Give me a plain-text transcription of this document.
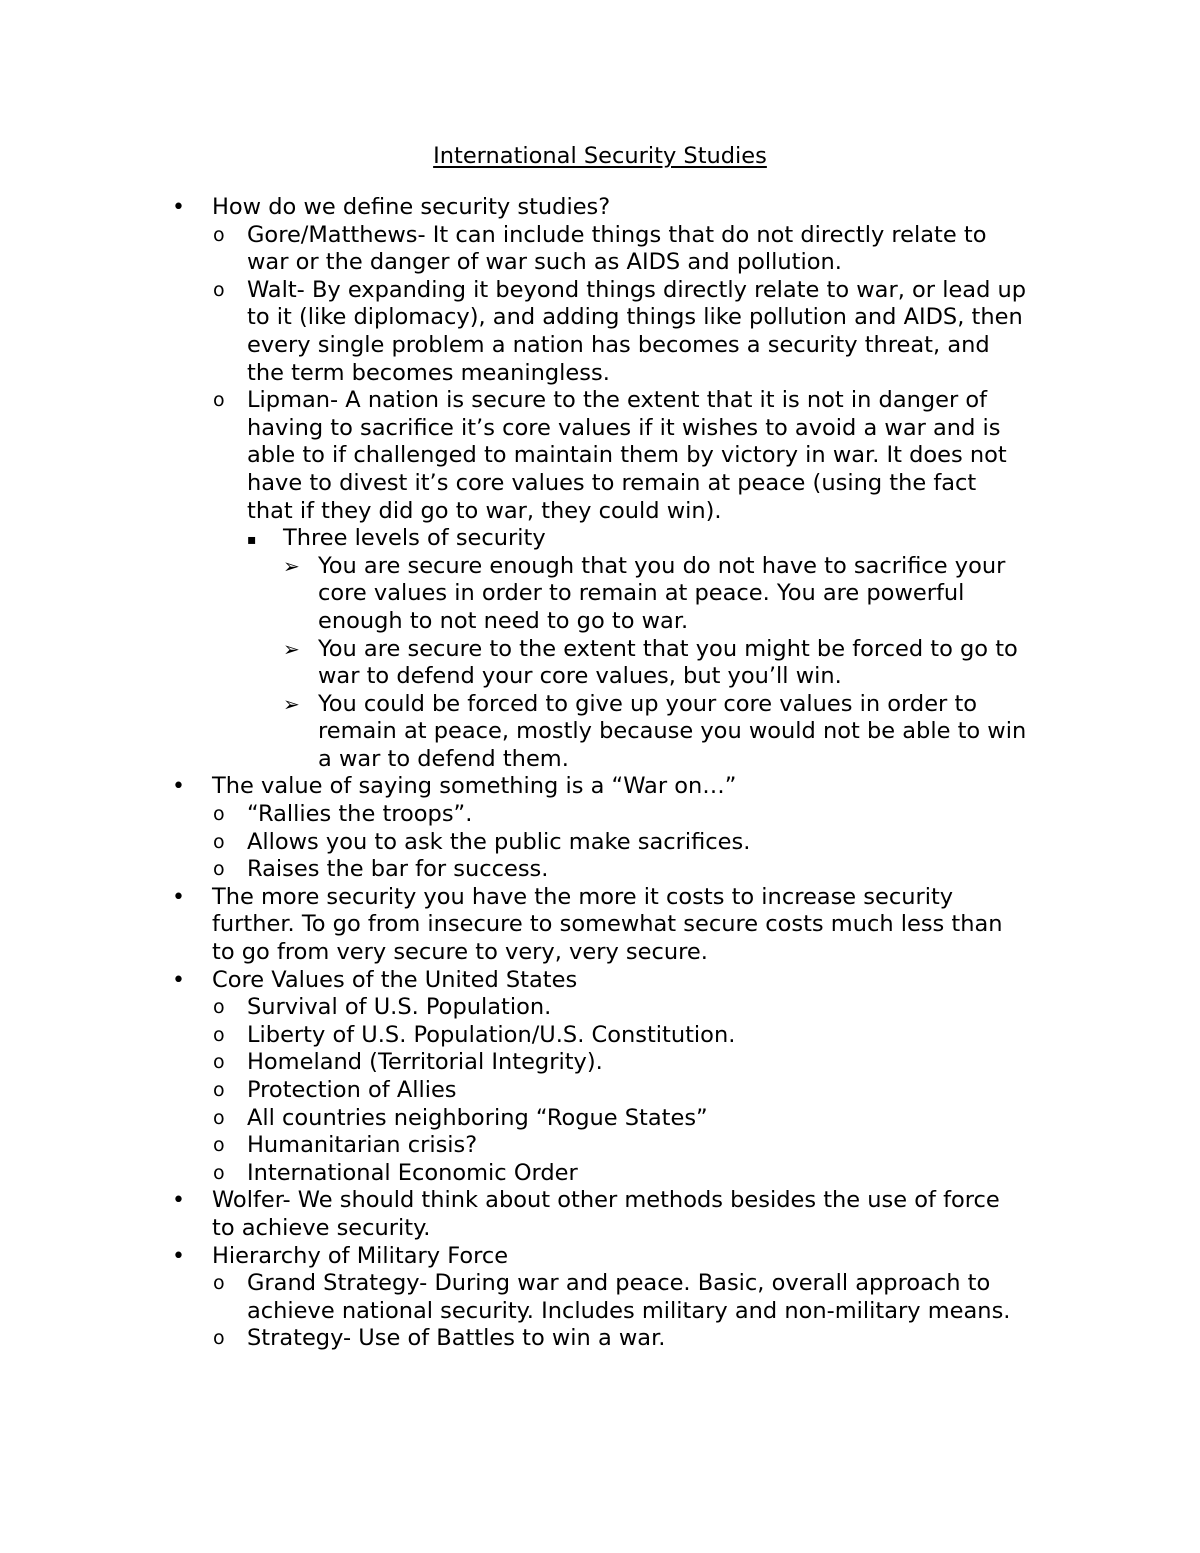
International Security Studies
• How do we define security studies?
o Gore/Matthews- It can include things that do not directly relate to war or the danger of war such as AIDS and pollution.
o Walt- By expanding it beyond things directly relate to war, or lead up to it (like diplomacy), and adding things like pollution and AIDS, then every single problem a nation has becomes a security threat, and the term becomes meaningless.
o Lipman- A nation is secure to the extent that it is not in danger of having to sacrifice it’s core values if it wishes to avoid a war and is able to if challenged to maintain them by victory in war. It does not have to divest it’s core values to remain at peace (using the fact that if they did go to war, they could win).
▪ Three levels of security
➢ You are secure enough that you do not have to sacrifice your core values in order to remain at peace. You are powerful enough to not need to go to war.
➢ You are secure to the extent that you might be forced to go to war to defend your core values, but you’ll win.
➢ You could be forced to give up your core values in order to remain at peace, mostly because you would not be able to win a war to defend them.
• The value of saying something is a “War on…”
o “Rallies the troops”.
o Allows you to ask the public make sacrifices.
o Raises the bar for success.
• The more security you have the more it costs to increase security further. To go from insecure to somewhat secure costs much less than to go from very secure to very, very secure.
• Core Values of the United States
o Survival of U.S. Population.
o Liberty of U.S. Population/U.S. Constitution.
o Homeland (Territorial Integrity).
o Protection of Allies
o All countries neighboring “Rogue States”
o Humanitarian crisis?
o International Economic Order
• Wolfer- We should think about other methods besides the use of force to achieve security.
• Hierarchy of Military Force
o Grand Strategy- During war and peace. Basic, overall approach to achieve national security. Includes military and non-military means.
o Strategy- Use of Battles to win a war.
